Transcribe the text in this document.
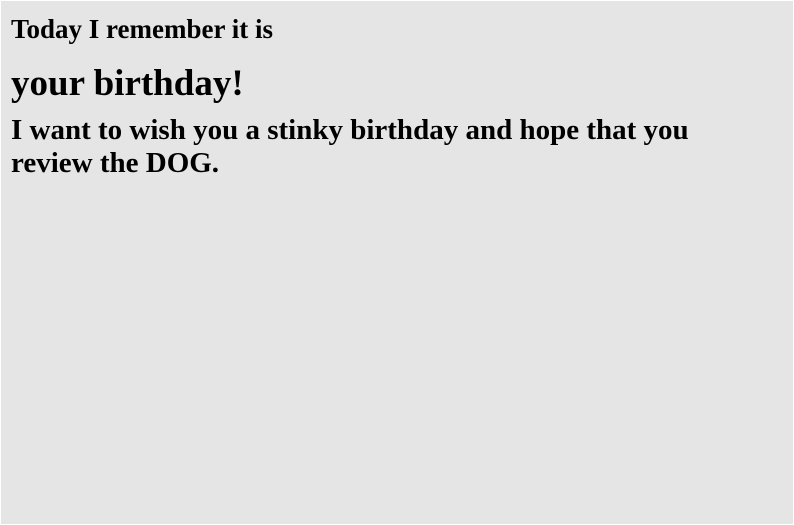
Today I remember it is
your birthday!
I want to wish you a stinky birthday and hope that you review the DOG.
